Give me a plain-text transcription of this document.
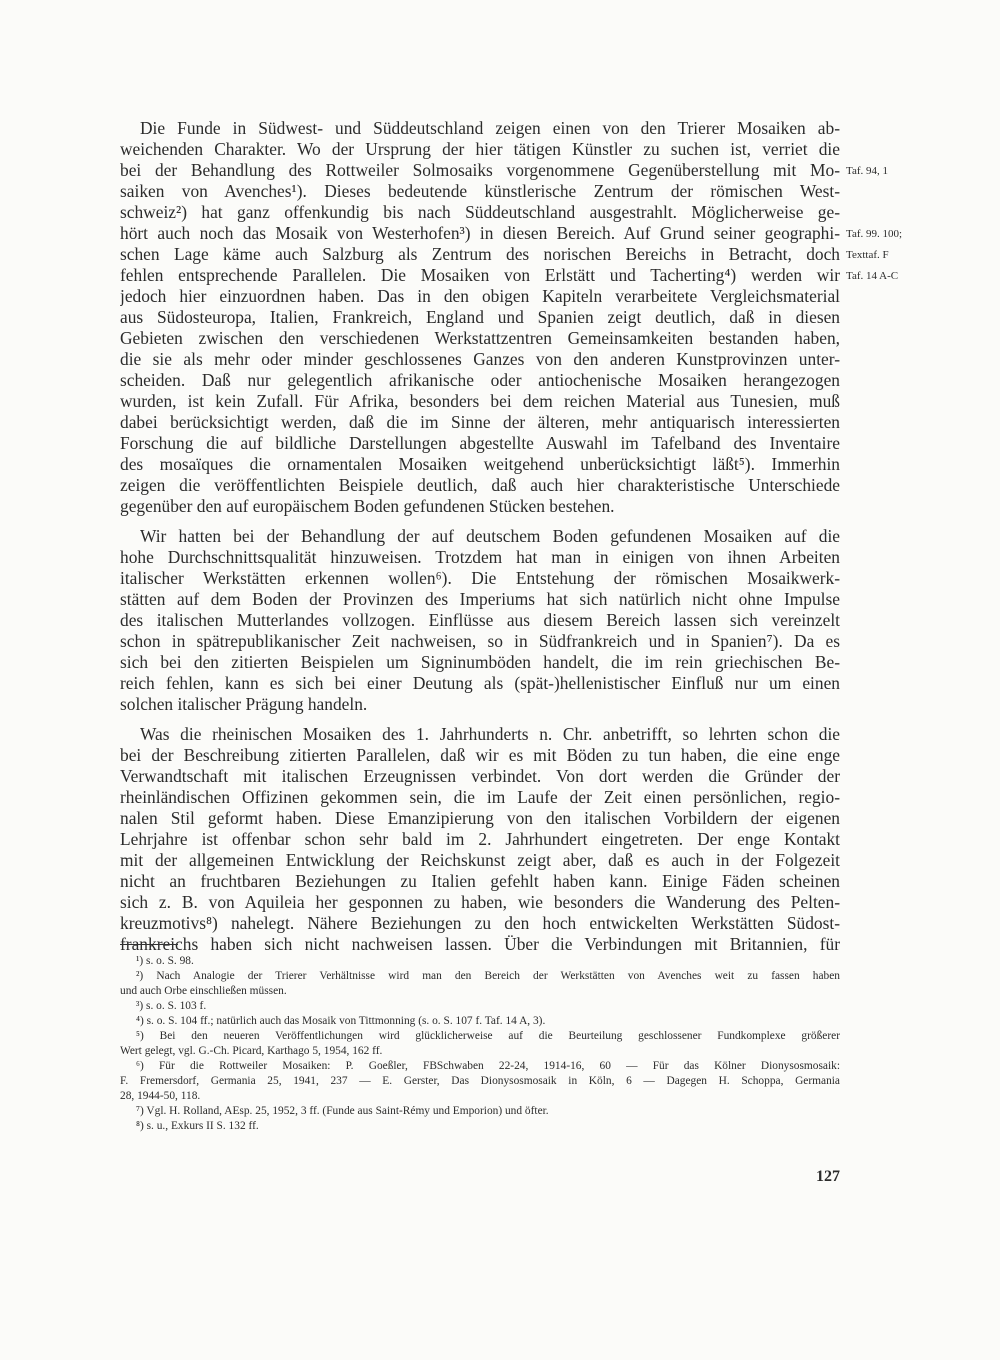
Die Funde in Südwest- und Süddeutschland zeigen einen von den Trierer Mosaiken ab-
weichenden Charakter. Wo der Ursprung der hier tätigen Künstler zu suchen ist, verriet die
bei der Behandlung des Rottweiler Solmosaiks vorgenommene Gegenüberstellung mit Mo-
saiken von Avenches¹). Dieses bedeutende künstlerische Zentrum der römischen West-
schweiz²) hat ganz offenkundig bis nach Süddeutschland ausgestrahlt. Möglicherweise ge-
hört auch noch das Mosaik von Westerhofen³) in diesen Bereich. Auf Grund seiner geographi-
schen Lage käme auch Salzburg als Zentrum des norischen Bereichs in Betracht, doch
fehlen entsprechende Parallelen. Die Mosaiken von Erlstätt und Tacherting⁴) werden wir
jedoch hier einzuordnen haben. Das in den obigen Kapiteln verarbeitete Vergleichsmaterial
aus Südosteuropa, Italien, Frankreich, England und Spanien zeigt deutlich, daß in diesen
Gebieten zwischen den verschiedenen Werkstattzentren Gemeinsamkeiten bestanden haben,
die sie als mehr oder minder geschlossenes Ganzes von den anderen Kunstprovinzen unter-
scheiden. Daß nur gelegentlich afrikanische oder antiochenische Mosaiken herangezogen
wurden, ist kein Zufall. Für Afrika, besonders bei dem reichen Material aus Tunesien, muß
dabei berücksichtigt werden, daß die im Sinne der älteren, mehr antiquarisch interessierten
Forschung die auf bildliche Darstellungen abgestellte Auswahl im Tafelband des Inventaire
des mosaïques die ornamentalen Mosaiken weitgehend unberücksichtigt läßt⁵). Immerhin
zeigen die veröffentlichten Beispiele deutlich, daß auch hier charakteristische Unterschiede
gegenüber den auf europäischem Boden gefundenen Stücken bestehen.
Wir hatten bei der Behandlung der auf deutschem Boden gefundenen Mosaiken auf die
hohe Durchschnittsqualität hinzuweisen. Trotzdem hat man in einigen von ihnen Arbeiten
italischer Werkstätten erkennen wollen⁶). Die Entstehung der römischen Mosaikwerk-
stätten auf dem Boden der Provinzen des Imperiums hat sich natürlich nicht ohne Impulse
des italischen Mutterlandes vollzogen. Einflüsse aus diesem Bereich lassen sich vereinzelt
schon in spätrepublikanischer Zeit nachweisen, so in Südfrankreich und in Spanien⁷). Da es
sich bei den zitierten Beispielen um Signinumböden handelt, die im rein griechischen Be-
reich fehlen, kann es sich bei einer Deutung als (spät-)hellenistischer Einfluß nur um einen
solchen italischer Prägung handeln.
Was die rheinischen Mosaiken des 1. Jahrhunderts n. Chr. anbetrifft, so lehrten schon die
bei der Beschreibung zitierten Parallelen, daß wir es mit Böden zu tun haben, die eine enge
Verwandtschaft mit italischen Erzeugnissen verbindet. Von dort werden die Gründer der
rheinländischen Offizinen gekommen sein, die im Laufe der Zeit einen persönlichen, regio-
nalen Stil geformt haben. Diese Emanzipierung von den italischen Vorbildern der eigenen
Lehrjahre ist offenbar schon sehr bald im 2. Jahrhundert eingetreten. Der enge Kontakt
mit der allgemeinen Entwicklung der Reichskunst zeigt aber, daß es auch in der Folgezeit
nicht an fruchtbaren Beziehungen zu Italien gefehlt haben kann. Einige Fäden scheinen
sich z. B. von Aquileia her gesponnen zu haben, wie besonders die Wanderung des Pelten-
kreuzmotivs⁸) nahelegt. Nähere Beziehungen zu den hoch entwickelten Werkstätten Südost-
frankreichs haben sich nicht nachweisen lassen. Über die Verbindungen mit Britannien, für
Taf. 94, 1
Taf. 99. 100;
Texttaf. F
Taf. 14 A-C
¹) s. o. S. 98.
²) Nach Analogie der Trierer Verhältnisse wird man den Bereich der Werkstätten von Avenches weit zu fassen haben
und auch Orbe einschließen müssen.
³) s. o. S. 103 f.
⁴) s. o. S. 104 ff.; natürlich auch das Mosaik von Tittmonning (s. o. S. 107 f. Taf. 14 A, 3).
⁵) Bei den neueren Veröffentlichungen wird glücklicherweise auf die Beurteilung geschlossener Fundkomplexe größerer
Wert gelegt, vgl. G.-Ch. Picard, Karthago 5, 1954, 162 ff.
⁶) Für die Rottweiler Mosaiken: P. Goeßler, FBSchwaben 22-24, 1914-16, 60 — Für das Kölner Dionysosmosaik:
F. Fremersdorf, Germania 25, 1941, 237 — E. Gerster, Das Dionysosmosaik in Köln, 6 — Dagegen H. Schoppa, Germania
28, 1944-50, 118.
⁷) Vgl. H. Rolland, AEsp. 25, 1952, 3 ff. (Funde aus Saint-Rémy und Emporion) und öfter.
⁸) s. u., Exkurs II S. 132 ff.
127
